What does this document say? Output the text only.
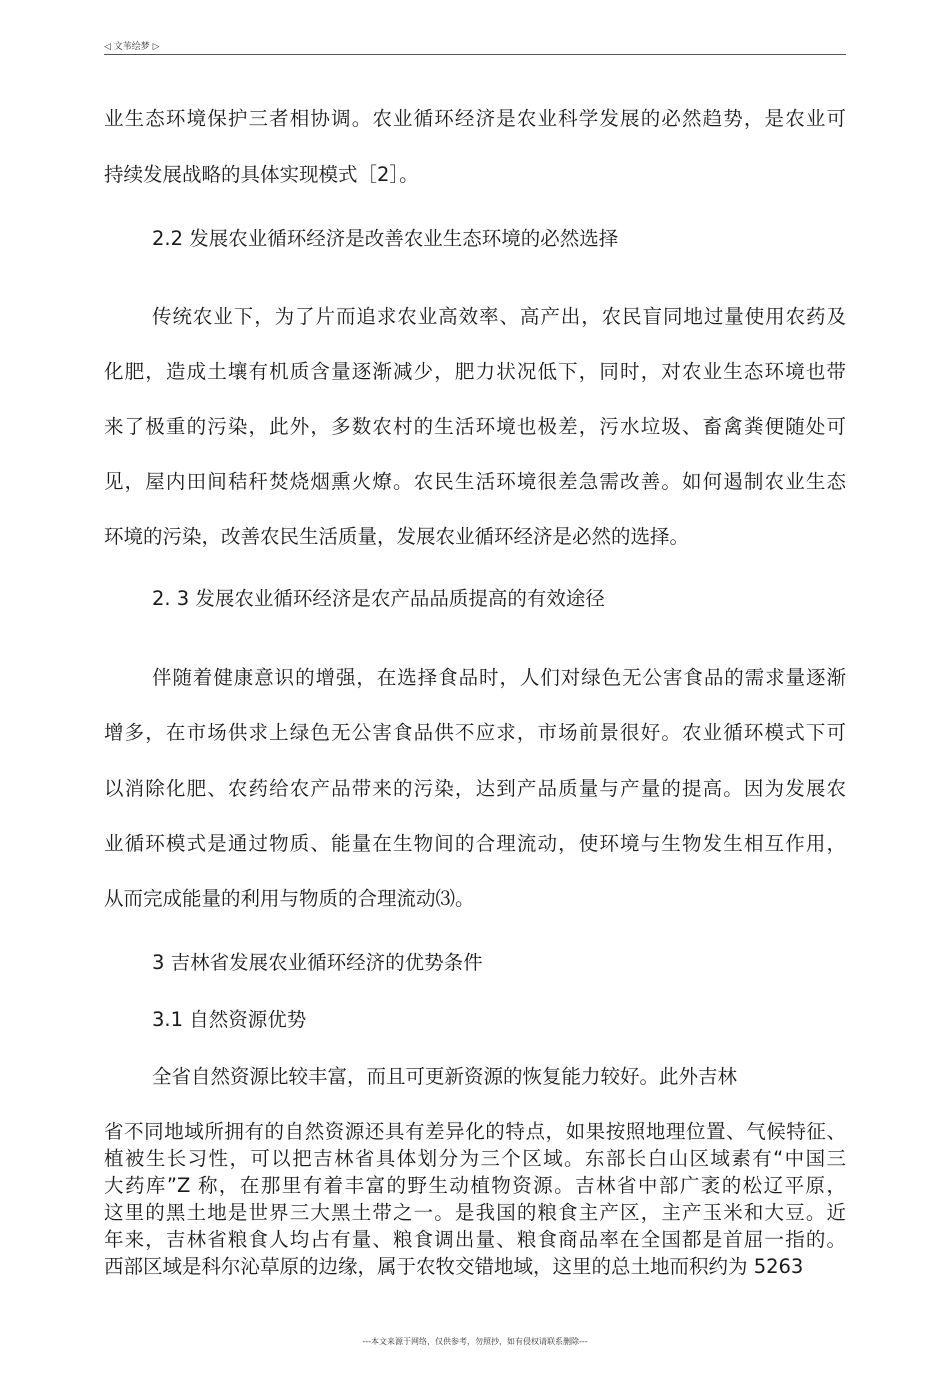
◁ 文苇绘梦 ▷
业生态环境保护三者相协调。农业循环经济是农业科学发展的必然趋势，是农业可
持续发展战略的具体实现模式［2］。
2.2 发展农业循环经济是改善农业生态环境的必然选择
传统农业下，为了片而追求农业高效率、高产出，农民盲同地过量使用农药及
化肥，造成土壤有机质含量逐渐减少，肥力状况低下，同时，对农业生态环境也带
来了极重的污染，此外，多数农村的生活环境也极差，污水垃圾、畜禽粪便随处可
见，屋内田间秸秆焚烧烟熏火燎。农民生活环境很差急需改善。如何遏制农业生态
环境的污染，改善农民生活质量，发展农业循环经济是必然的选择。
2. 3 发展农业循环经济是农产品品质提高的有效途径
伴随着健康意识的增强，在选择食品时，人们对绿色无公害食品的需求量逐渐
增多，在市场供求上绿色无公害食品供不应求，市场前景很好。农业循环模式下可
以消除化肥、农药给农产品带来的污染，达到产品质量与产量的提高。因为发展农
业循环模式是通过物质、能量在生物间的合理流动，使环境与生物发生相互作用，
从而完成能量的利用与物质的合理流动⑶。
3 吉林省发展农业循环经济的优势条件
3.1 自然资源优势
全省自然资源比较丰富，而且可更新资源的恢复能力较好。此外吉林
省不同地域所拥有的自然资源还具有差异化的特点，如果按照地理位置、气候特征、
植被生长习性，可以把吉林省具体划分为三个区域。东部长白山区域素有“中国三
大药库”Z 称，在那里有着丰富的野生动植物资源。吉林省中部广袤的松辽平原，
这里的黑土地是世界三大黑土带之一。是我国的粮食主产区，主产玉米和大豆。近
年来，吉林省粮食人均占有量、粮食调出量、粮食商品率在全国都是首屈一指的。
西部区域是科尔沁草原的边缘，属于农牧交错地域，这里的总土地而积约为 5263
---本文来源于网络，仅供参考，勿照抄，如有侵权请联系删除---
